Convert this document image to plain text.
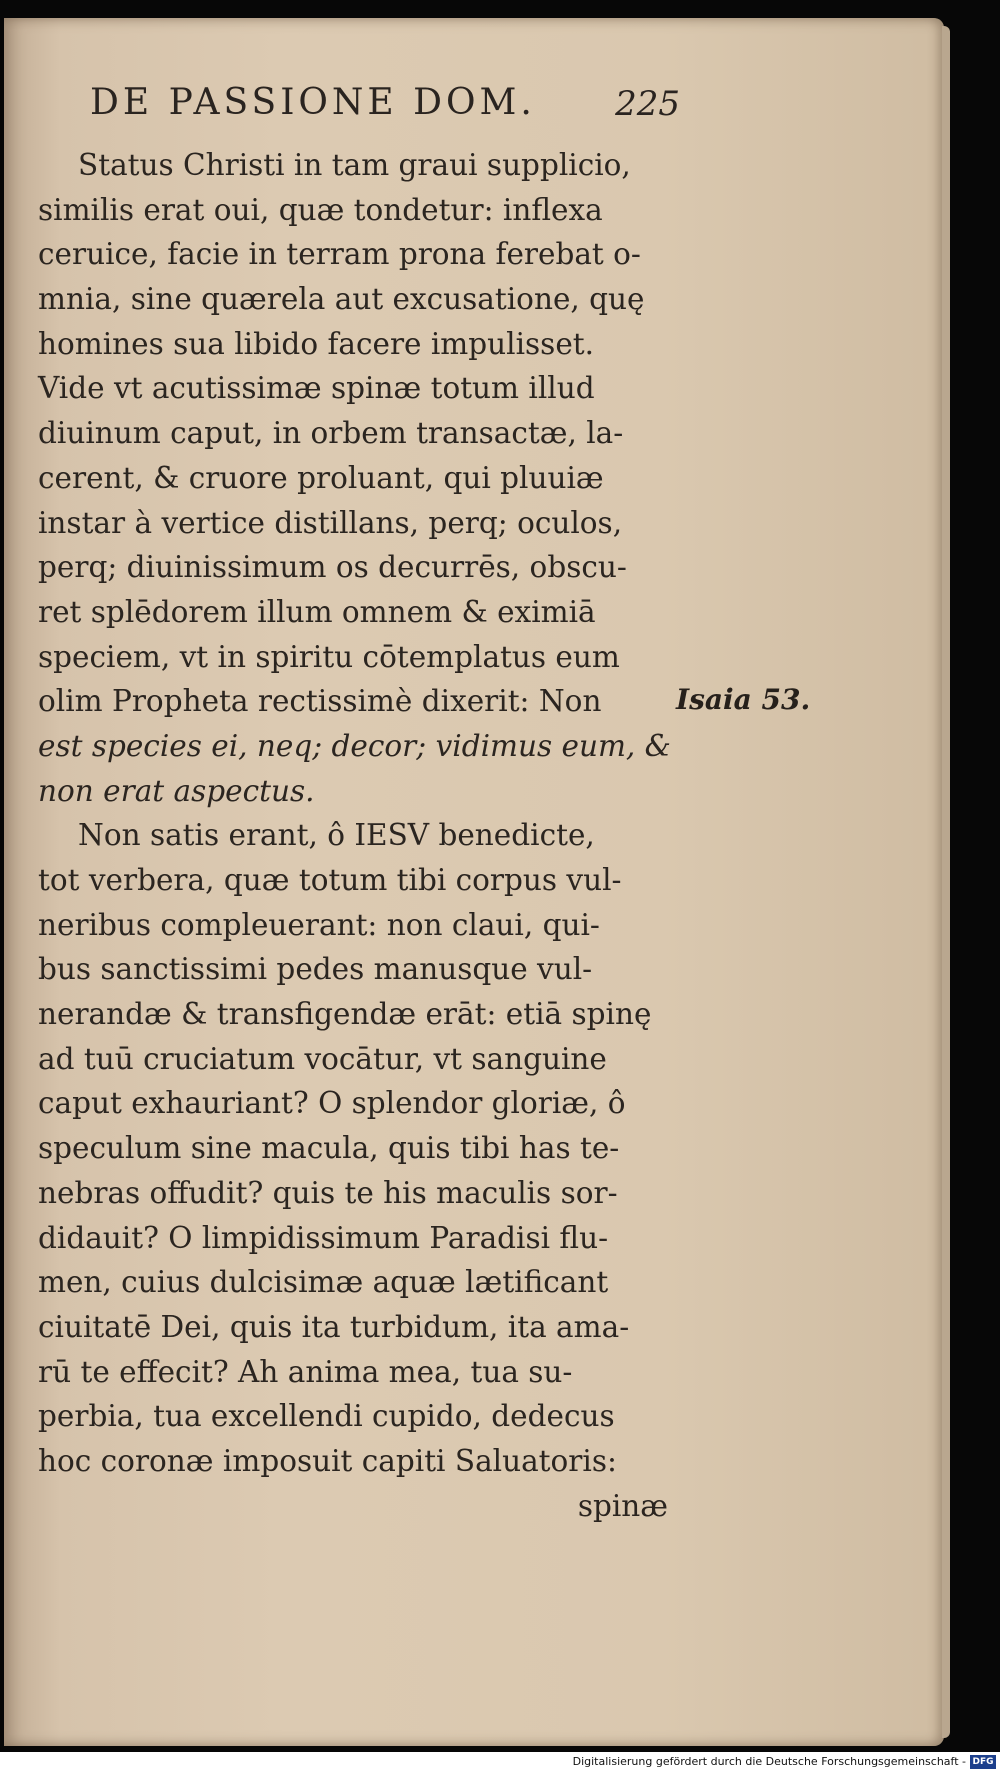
DE PASSIONE DOM. 225
Status Christi in tam graui supplicio,
similis erat oui, quæ tondetur: inflexa
ceruice, facie in terram prona ferebat o-
mnia, sine quærela aut excusatione, quę
homines sua libido facere impulisset.
Vide vt acutissimæ spinæ totum illud
diuinum caput, in orbem transactæ, la-
cerent, & cruore proluant, qui pluuiæ
instar à vertice distillans, perq; oculos,
perq; diuinissimum os decurrēs, obscu-
ret splēdorem illum omnem & eximiā
speciem, vt in spiritu cōtemplatus eum
olim Propheta rectissimè dixerit: Non
est species ei, neq; decor; vidimus eum, &
non erat aspectus.
Non satis erant, ô IESV benedicte,
tot verbera, quæ totum tibi corpus vul-
neribus compleuerant: non claui, qui-
bus sanctissimi pedes manusque vul-
nerandæ & transfigendæ erāt: etiā spinę
ad tuū cruciatum vocātur, vt sanguine
caput exhauriant? O splendor gloriæ, ô
speculum sine macula, quis tibi has te-
nebras offudit? quis te his maculis sor-
didauit? O limpidissimum Paradisi flu-
men, cuius dulcisimæ aquæ lætificant
ciuitatē Dei, quis ita turbidum, ita ama-
rū te effecit? Ah anima mea, tua su-
perbia, tua excellendi cupido, dedecus
hoc coronæ imposuit capiti Saluatoris:
spinæ
Isaia 53.
Digitalisierung gefördert durch die Deutsche Forschungsgemeinschaft - DFG
